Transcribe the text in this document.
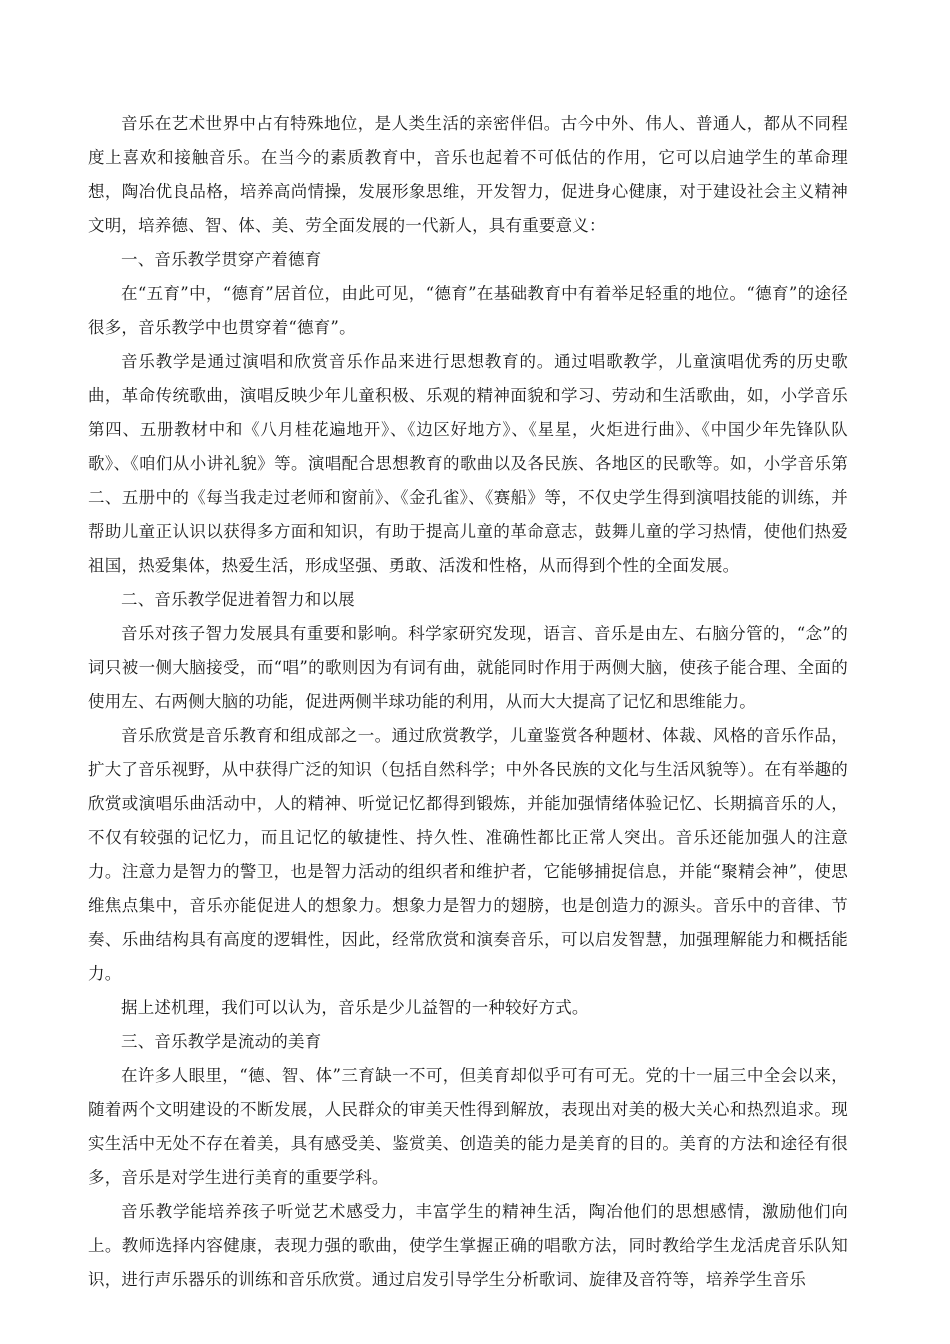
音乐在艺术世界中占有特殊地位，是人类生活的亲密伴侣。古今中外、伟人、普通人，都从不同程度上喜欢和接触音乐。在当今的素质教育中，音乐也起着不可低估的作用，它可以启迪学生的革命理想，陶冶优良品格，培养高尚情操，发展形象思维，开发智力，促进身心健康，对于建设社会主义精神文明，培养德、智、体、美、劳全面发展的一代新人，具有重要意义：

一、音乐教学贯穿产着德育

在“五育”中，“德育”居首位，由此可见，“德育”在基础教育中有着举足轻重的地位。“德育”的途径很多，音乐教学中也贯穿着“德育”。

音乐教学是通过演唱和欣赏音乐作品来进行思想教育的。通过唱歌教学，儿童演唱优秀的历史歌曲，革命传统歌曲，演唱反映少年儿童积极、乐观的精神面貌和学习、劳动和生活歌曲，如，小学音乐第四、五册教材中和《八月桂花遍地开》、《边区好地方》、《星星，火炬进行曲》、《中国少年先锋队队歌》、《咱们从小讲礼貌》等。演唱配合思想教育的歌曲以及各民族、各地区的民歌等。如，小学音乐第二、五册中的《每当我走过老师和窗前》、《金孔雀》、《赛船》等，不仅史学生得到演唱技能的训练，并帮助儿童正认识以获得多方面和知识，有助于提高儿童的革命意志，鼓舞儿童的学习热情，使他们热爱祖国，热爱集体，热爱生活，形成坚强、勇敢、活泼和性格，从而得到个性的全面发展。

二、音乐教学促进着智力和以展

音乐对孩子智力发展具有重要和影响。科学家研究发现，语言、音乐是由左、右脑分管的，“念”的词只被一侧大脑接受，而“唱”的歌则因为有词有曲，就能同时作用于两侧大脑，使孩子能合理、全面的使用左、右两侧大脑的功能，促进两侧半球功能的利用，从而大大提高了记忆和思维能力。

音乐欣赏是音乐教育和组成部之一。通过欣赏教学，儿童鉴赏各种题材、体裁、风格的音乐作品，扩大了音乐视野，从中获得广泛的知识（包括自然科学；中外各民族的文化与生活风貌等）。在有举趣的欣赏或演唱乐曲活动中，人的精神、听觉记忆都得到锻炼，并能加强情绪体验记忆、长期搞音乐的人，不仅有较强的记忆力，而且记忆的敏捷性、持久性、准确性都比正常人突出。音乐还能加强人的注意力。注意力是智力的警卫，也是智力活动的组织者和维护者，它能够捕捉信息，并能“聚精会神”，使思维焦点集中，音乐亦能促进人的想象力。想象力是智力的翅膀，也是创造力的源头。音乐中的音律、节奏、乐曲结构具有高度的逻辑性，因此，经常欣赏和演奏音乐，可以启发智慧，加强理解能力和概括能力。

据上述机理，我们可以认为，音乐是少儿益智的一种较好方式。

三、音乐教学是流动的美育

在许多人眼里，“德、智、体”三育缺一不可，但美育却似乎可有可无。党的十一届三中全会以来，随着两个文明建设的不断发展，人民群众的审美天性得到解放，表现出对美的极大关心和热烈追求。现实生活中无处不存在着美，具有感受美、鉴赏美、创造美的能力是美育的目的。美育的方法和途径有很多，音乐是对学生进行美育的重要学科。

音乐教学能培养孩子听觉艺术感受力，丰富学生的精神生活，陶冶他们的思想感情，激励他们向上。教师选择内容健康，表现力强的歌曲，使学生掌握正确的唱歌方法，同时教给学生龙活虎音乐队知识，进行声乐器乐的训练和音乐欣赏。通过启发引导学生分析歌词、旋律及音符等，培养学生音乐
